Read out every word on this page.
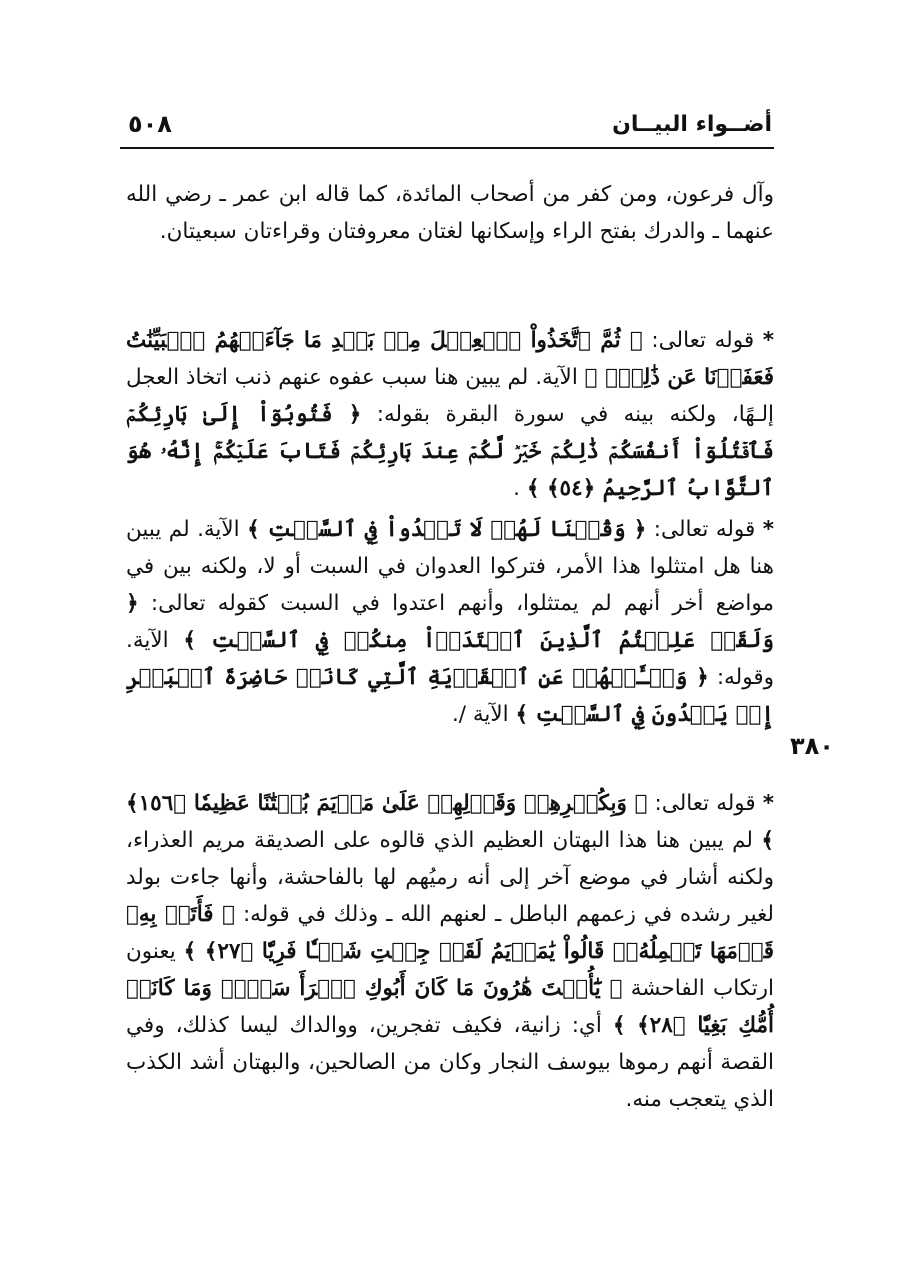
٥٠٨	أضــواء البيــان
٣٨٠

وآل فرعون، ومن كفر من أصحاب المائدة، كما قاله ابن عمر ـ رضي الله عنهما ـ والدرك بفتح الراء وإسكانها لغتان معروفتان وقراءتان سبعيتان.

* قوله تعالى: ﴿ ثُمَّ ٱتَّخَذُواْ ٱلۡعِجۡلَ مِنۢ بَعۡدِ مَا جَآءَتۡهُمُ ٱلۡبَيِّنَٰتُ فَعَفَوۡنَا عَن ذَٰلِكَۚ ﴾ الآية. لم يبين هنا سبب عفوه عنهم ذنب اتخاذ العجل إلـهًا، ولكنه بينه في سورة البقرة بقوله: ﴿ فَتُوبُوٓاْ إِلَىٰ بَارِئِكُمۡ فَٱقۡتُلُوٓاْ أَنفُسَكُمۡ ذَٰلِكُمۡ خَيۡرٞ لَّكُمۡ عِندَ بَارِئِكُمۡ فَتَابَ عَلَيۡكُمۡۚ إِنَّهُۥ هُوَ ٱلتَّوَّابُ ٱلرَّحِيمُ ﴿٥٤﴾ ﴾ .

* قوله تعالى: ﴿ وَقُلۡنَا لَهُمۡ لَا تَعۡدُواْ فِي ٱلسَّبۡتِ ﴾ الآية. لم يبين هنا هل امتثلوا هذا الأمر، فتركوا العدوان في السبت أو لا، ولكنه بين في مواضع أخر أنهم لم يمتثلوا، وأنهم اعتدوا في السبت كقوله تعالى: ﴿ وَلَقَدۡ عَلِمۡتُمُ ٱلَّذِينَ ٱعۡتَدَوۡاْ مِنكُمۡ فِي ٱلسَّبۡتِ ﴾ الآية. وقوله: ﴿ وَسۡـَٔلۡهُمۡ عَنِ ٱلۡقَرۡيَةِ ٱلَّتِي كَانَتۡ حَاضِرَةَ ٱلۡبَحۡرِ إِذۡ يَعۡدُونَ فِي ٱلسَّبۡتِ ﴾ الآية /.

* قوله تعالى: ﴿ وَبِكُفۡرِهِمۡ وَقَوۡلِهِمۡ عَلَىٰ مَرۡيَمَ بُهۡتَٰنًا عَظِيمٗا ﴿١٥٦﴾ ﴾ لم يبين هنا هذا البهتان العظيم الذي قالوه على الصديقة مريم العذراء، ولكنه أشار في موضع آخر إلى أنه رميُهم لها بالفاحشة، وأنها جاءت بولد لغير رشده في زعمهم الباطل ـ لعنهم الله ـ وذلك في قوله: ﴿ فَأَتَتۡ بِهِۦ قَوۡمَهَا تَحۡمِلُهُۥۖ قَالُواْ يَٰمَرۡيَمُ لَقَدۡ جِئۡتِ شَيۡـٔٗا فَرِيّٗا ﴿٢٧﴾ ﴾ يعنون ارتكاب الفاحشة ﴿ يَٰٓأُخۡتَ هَٰرُونَ مَا كَانَ أَبُوكِ ٱمۡرَأَ سَوۡءٖ وَمَا كَانَتۡ أُمُّكِ بَغِيّٗا ﴿٢٨﴾ ﴾ أي: زانية، فكيف تفجرين، ووالداك ليسا كذلك، وفي القصة أنهم رموها بيوسف النجار وكان من الصالحين، والبهتان أشد الكذب الذي يتعجب منه.
